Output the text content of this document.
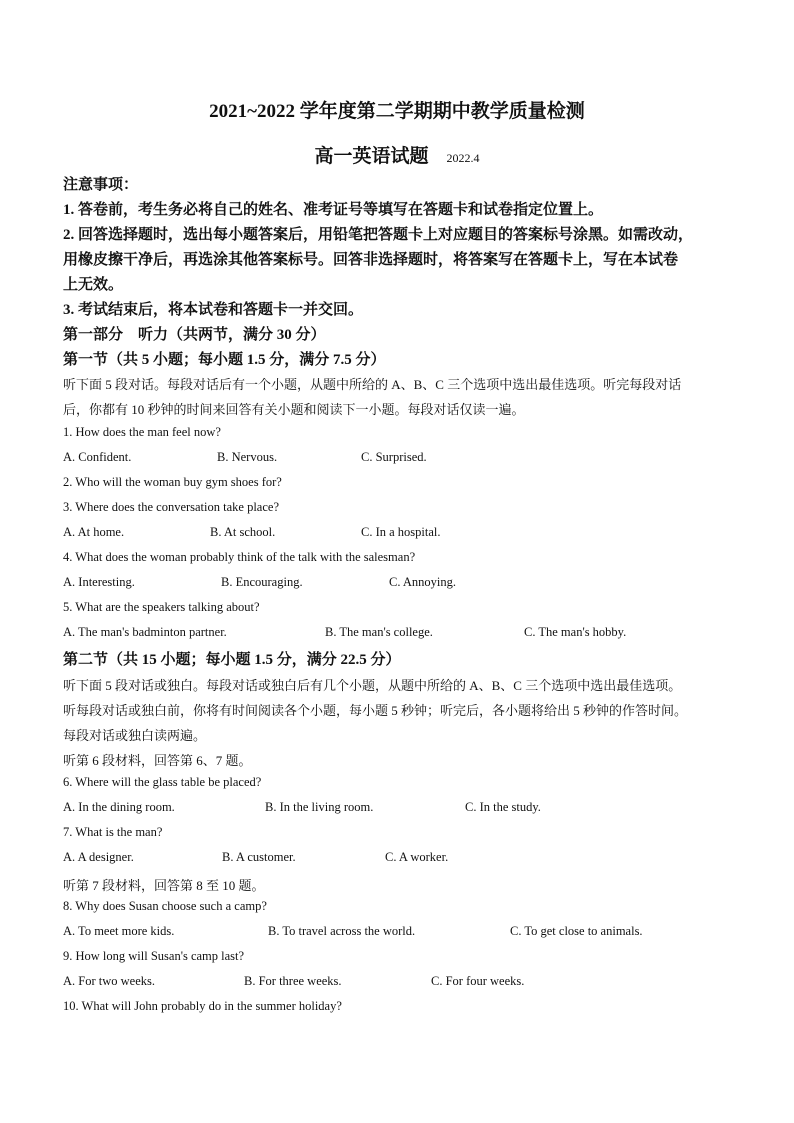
2021~2022 学年度第二学期期中教学质量检测
高一英语试题 2022.4
注意事项：
1. 答卷前，考生务必将自己的姓名、准考证号等填写在答题卡和试卷指定位置上。
2. 回答选择题时，选出每小题答案后，用铅笔把答题卡上对应题目的答案标号涂黑。如需改动，
用橡皮擦干净后，再选涂其他答案标号。回答非选择题时，将答案写在答题卡上，写在本试卷
上无效。
3. 考试结束后，将本试卷和答题卡一并交回。
第一部分　听力（共两节，满分 30 分）
第一节（共 5 小题；每小题 1.5 分，满分 7.5 分）
听下面 5 段对话。每段对话后有一个小题，从题中所给的 A、B、C 三个选项中选出最佳选项。听完每段对话
后，你都有 10 秒钟的时间来回答有关小题和阅读下一小题。每段对话仅读一遍。
1. How does the man feel now?
A. Confident.	B. Nervous.	C. Surprised.
2. Who will the woman buy gym shoes for?
3. Where does the conversation take place?
A. At home.	B. At school.	C. In a hospital.
4. What does the woman probably think of the talk with the salesman?
A. Interesting.	B. Encouraging.	C. Annoying.
5. What are the speakers talking about?
A. The man's badminton partner.	B. The man's college.	C. The man's hobby.
第二节（共 15 小题；每小题 1.5 分，满分 22.5 分）
听下面 5 段对话或独白。每段对话或独白后有几个小题，从题中所给的 A、B、C 三个选项中选出最佳选项。
听每段对话或独白前，你将有时间阅读各个小题，每小题 5 秒钟；听完后，各小题将给出 5 秒钟的作答时间。
每段对话或独白读两遍。
听第 6 段材料，回答第 6、7 题。
6. Where will the glass table be placed?
A. In the dining room.	B. In the living room.	C. In the study.
7. What is the man?
A. A designer.	B. A customer.	C. A worker.
听第 7 段材料，回答第 8 至 10 题。
8. Why does Susan choose such a camp?
A. To meet more kids.	B. To travel across the world.	C. To get close to animals.
9. How long will Susan's camp last?
A. For two weeks.	B. For three weeks.	C. For four weeks.
10. What will John probably do in the summer holiday?
